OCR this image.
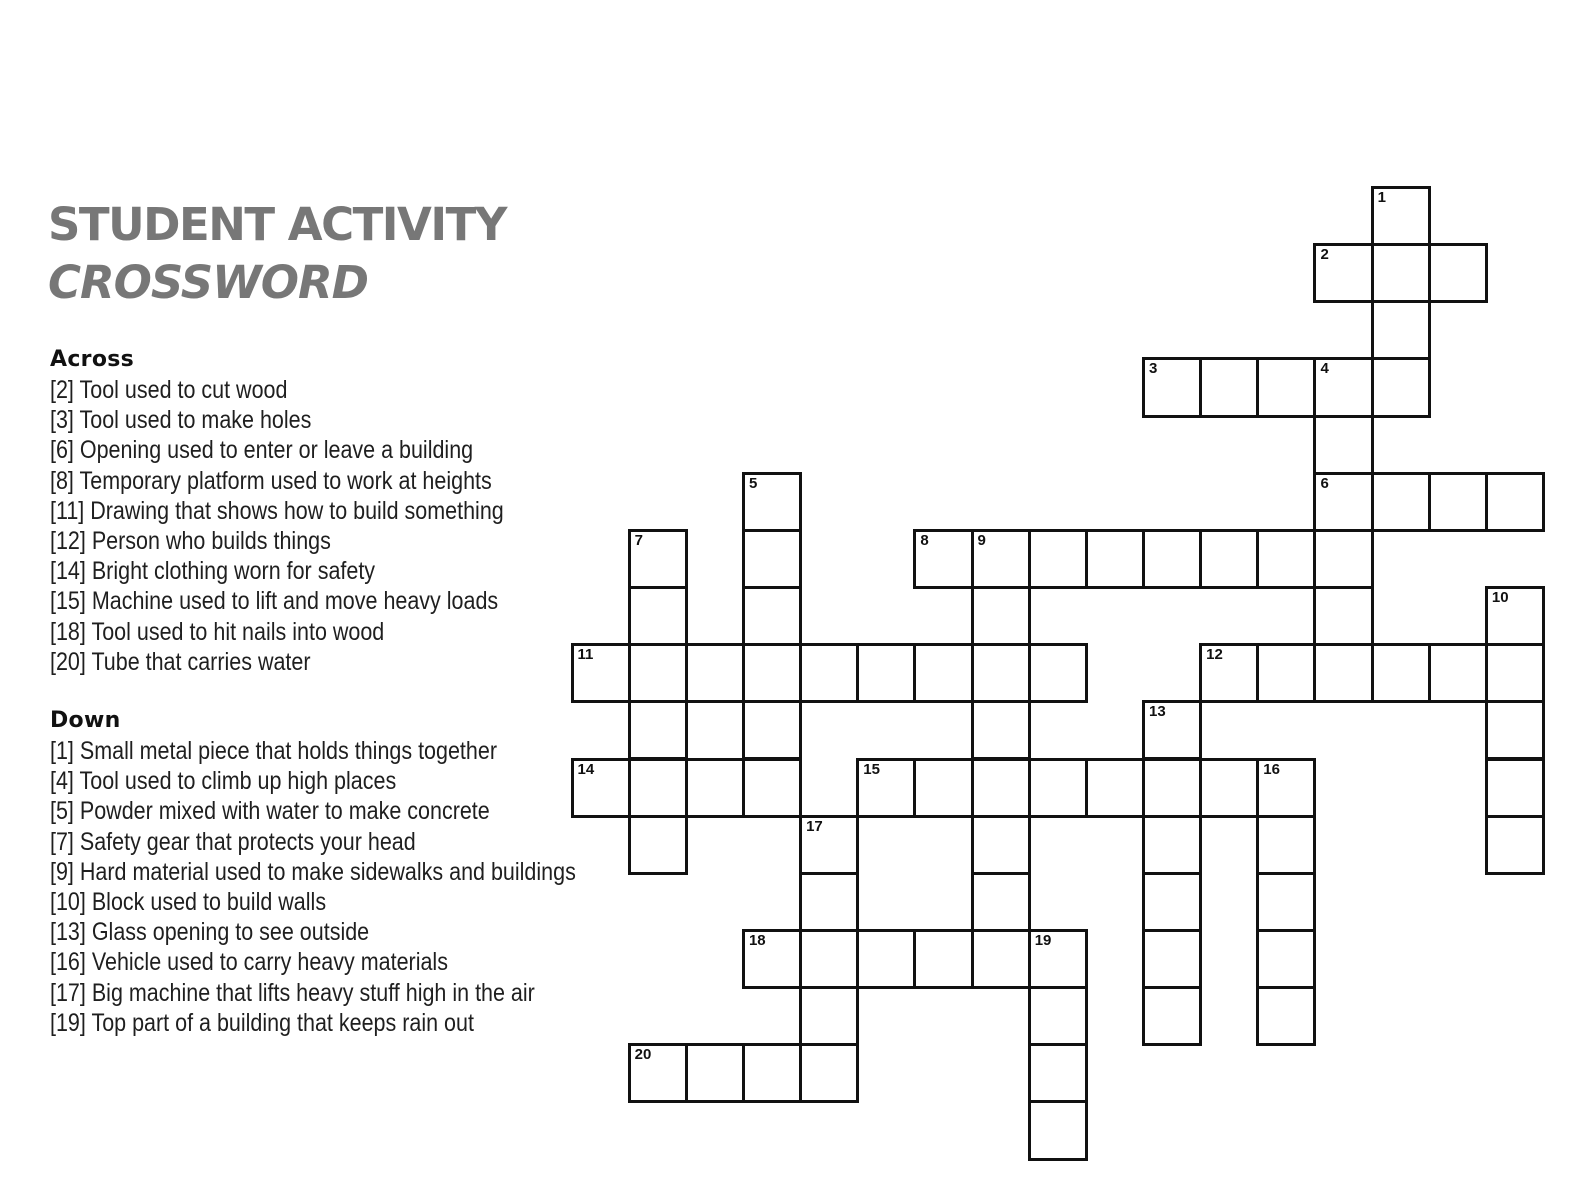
STUDENT ACTIVITY
CROSSWORD
Across
[2] Tool used to cut wood
[3] Tool used to make holes
[6] Opening used to enter or leave a building
[8] Temporary platform used to work at heights
[11] Drawing that shows how to build something
[12] Person who builds things
[14] Bright clothing worn for safety
[15] Machine used to lift and move heavy loads
[18] Tool used to hit nails into wood
[20] Tube that carries water
Down
[1] Small metal piece that holds things together
[4] Tool used to climb up high places
[5] Powder mixed with water to make concrete
[7] Safety gear that protects your head
[9] Hard material used to make sidewalks and buildings
[10] Block used to build walls
[13] Glass opening to see outside
[16] Vehicle used to carry heavy materials
[17] Big machine that lifts heavy stuff high in the air
[19] Top part of a building that keeps rain out
1
2
3	4
6
5
7	8	9
10
11	12
13
14	15	16
17
18	19
20
